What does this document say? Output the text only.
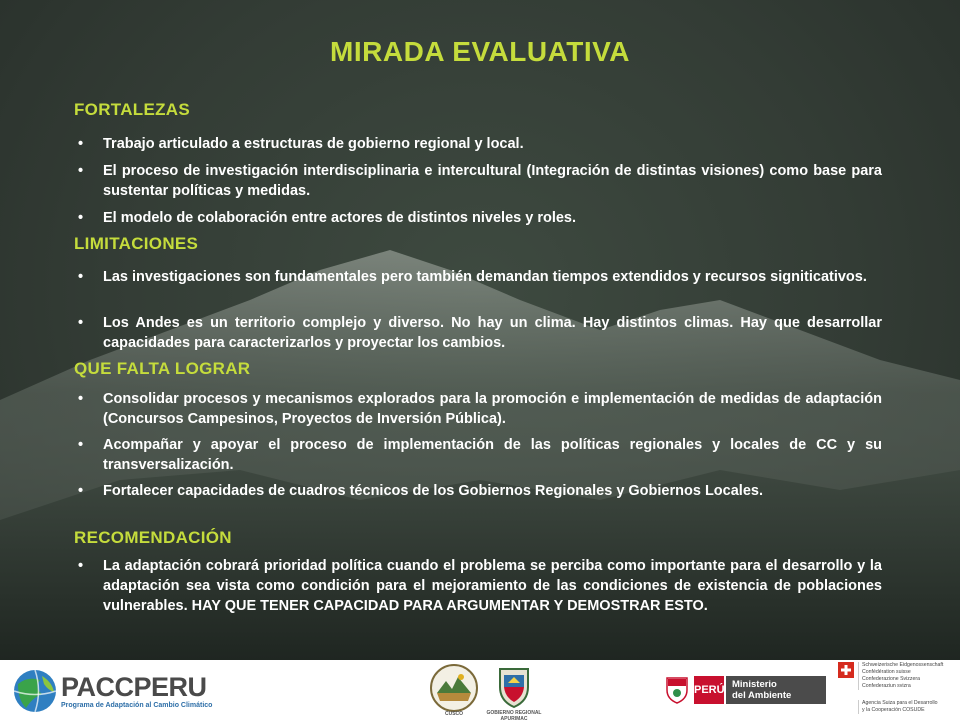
MIRADA EVALUATIVA
FORTALEZAS
• Trabajo articulado a estructuras de gobierno regional y local.
• El proceso de investigación interdisciplinaria e intercultural (Integración de distintas visiones) como base para sustentar políticas y medidas.
• El modelo de colaboración entre actores de distintos niveles y roles.
LIMITACIONES
• Las investigaciones son fundamentales pero también demandan tiempos extendidos y recursos signiticativos.
• Los Andes es un territorio complejo y diverso. No hay un clima. Hay distintos climas. Hay que desarrollar capacidades para caracterizarlos y proyectar los cambios.
QUE FALTA LOGRAR
• Consolidar procesos y mecanismos explorados para la promoción e implementación de medidas de adaptación (Concursos Campesinos, Proyectos de Inversión Pública).
• Acompañar y apoyar el proceso de implementación de las políticas regionales y locales de CC y su transversalización.
• Fortalecer capacidades de cuadros técnicos de los Gobiernos Regionales y Gobiernos Locales.
RECOMENDACIÓN
• La adaptación cobrará prioridad política cuando el problema se perciba como importante para el desarrollo y la adaptación sea vista como condición para el mejoramiento de las condiciones de existencia de poblaciones vulnerables. HAY QUE TENER CAPACIDAD PARA ARGUMENTAR Y DEMOSTRAR ESTO.
PACCPERU
Programa de Adaptación al Cambio Climático
CUSCO	GOBIERNO REGIONAL APURIMAC
PERÚ Ministerio
del Ambiente
Schweizerische Eidgenossenschaft
Confédération suisse
Confederazione Svizzera
Confederaziun svizra
Agencia Suiza para el Desarrollo
y la Cooperación COSUDE
